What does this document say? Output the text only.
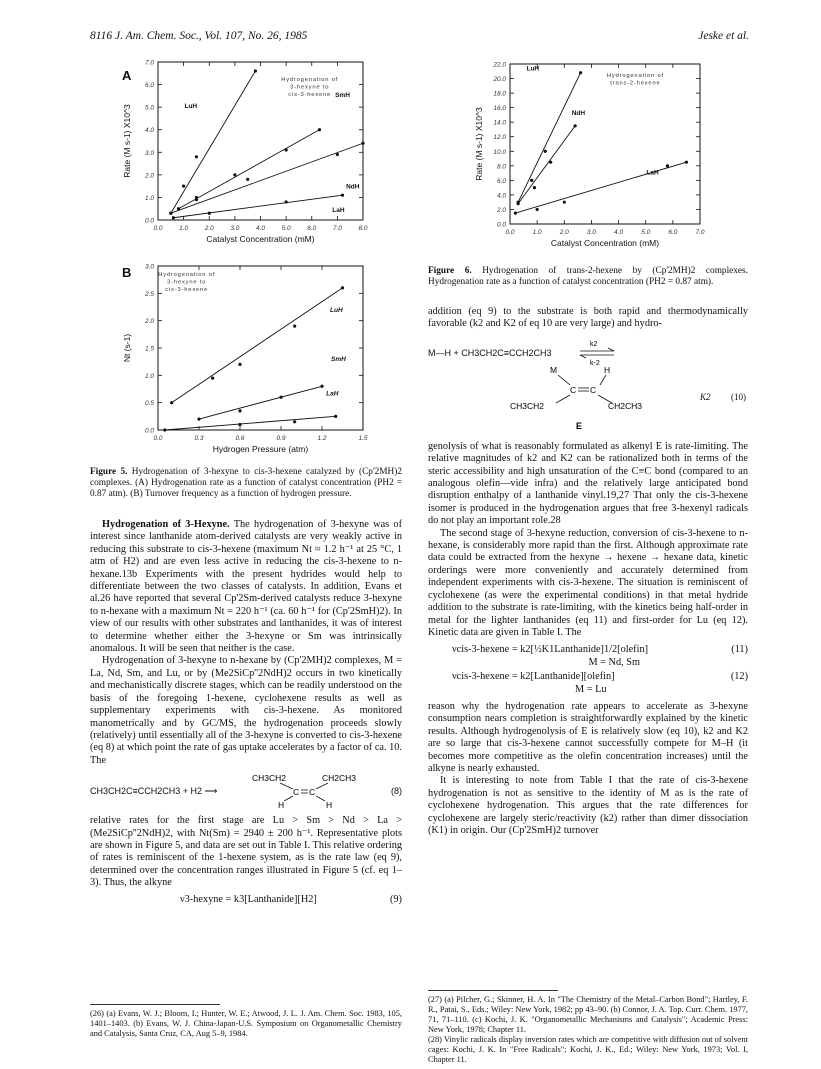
8116 J. Am. Chem. Soc., Vol. 107, No. 26, 1985	Jeske et al.
A
0.0	1.0	2.0	3.0	4.0	5.0	6.0	7.0	8.0
0.0
1.0
2.0
3.0
4.0
5.0
6.0
7.0
Catalyst Concentration (mM)
Rate (M s-1) X10^3
Hydrogenation of
3-hexyne to
cis-3-hexene
LuH
SmH
NdH
LaH
B
0.0	0.3	0.6	0.9	1.2	1.5
0.0
0.5
1.0
1.5
2.0
2.5
3.0
Hydrogen Pressure (atm)
Nt (s-1)
Hydrogenation of
3-hexyne to
cis-3-hexene
LuH
SmH
LaH
0.0	1.0	2.0	3.0	4.0	5.0	6.0	7.0
0.0
2.0
4.0
6.0
8.0
10.0
12.0
14.0
16.0
18.0
20.0
22.0
Catalyst Concentration (mM)
Rate (M s-1) X10^3
Hydrogenation of
trans-2-hexene
LuH
NdH
LaH
Figure 5. Hydrogenation of 3-hexyne to cis-3-hexene catalyzed by (Cp'2MH)2 complexes. (A) Hydrogenation rate as a function of catalyst concentration (PH2 = 0.87 atm). (B) Turnover frequency as a function of hydrogen pressure.

Hydrogenation of 3-Hexyne. The hydrogenation of 3-hexyne was of interest since lanthanide atom-derived catalysts are very weakly active in reducing this substrate to cis-3-hexene (maximum Nt ≈ 1.2 h⁻¹ at 25 °C, 1 atm of H2) and are even less active in reducing the cis-3-hexene to n-hexane.13b Experiments with the present hydrides would help to differentiate between the two classes of catalysts. In addition, Evans et al.26 have reported that several Cp'2Sm-derived catalysts reduce 3-hexyne to n-hexane with a maximum Nt = 220 h⁻¹ (ca. 60 h⁻¹ for (Cp'2SmH)2). In view of our results with other substrates and lanthanides, it was of interest to determine whether either the 3-hexyne or Sm was intrinsically anomalous. It will be seen that neither is the case.

Hydrogenation of 3-hexyne to n-hexane by (Cp'2MH)2 complexes, M = La, Nd, Sm, and Lu, or by (Me2SiCp''2NdH)2 occurs in two kinetically and mechanistically discrete stages, which can be readily understood on the basis of the foregoing 1-hexene, cyclohexene results as well as supplementary experiments with cis-3-hexene. As monitored manometrically and by GC/MS, the hydrogenation proceeds slowly (relatively) until essentially all of the 3-hexyne is converted to cis-3-hexene (eq 8) at which point the rate of gas uptake accelerates by a factor of ca. 10. The

CH3CH2C≡CCH2CH3 + H2 ⟶
CH3CH2	CH2CH3
C C
H	H
(8)

relative rates for the first stage are Lu > Sm > Nd > La > (Me2SiCp''2NdH)2, with Nt(Sm) = 2940 ± 200 h⁻¹. Representative plots are shown in Figure 5, and data are set out in Table I. This relative ordering of rates is reminiscent of the 1-hexene system, as is the rate law (eq 9), determined over the concentration ranges illustrated in Figure 5 (cf. eq 1–3). Thus, the alkyne

ν3-hexyne = k3[Lanthanide][H2]	(9)

(26) (a) Evans, W. J.; Bloom, I.; Hunter, W. E.; Atwood, J. L. J. Am. Chem. Soc. 1983, 105, 1401–1403. (b) Evans, W. J. China-Japan-U.S. Symposium on Organometallic Chemistry and Catalysis, Santa Cruz, CA, Aug 5–9, 1984.

Figure 6. Hydrogenation of trans-2-hexene by (Cp'2MH)2 complexes. Hydrogenation rate as a function of catalyst concentration (PH2 = 0.87 atm).

addition (eq 9) to the substrate is both rapid and thermodynamically favorable (k2 and K2 of eq 10 are very large) and hydro-

M—H + CH3CH2C≡CCH2CH3
k2
k-2
M	H
C C
CH3CH2	CH2CH3
E
K2 (10)

genolysis of what is reasonably formulated as alkenyl E is rate-limiting. The relative magnitudes of k2 and K2 can be rationalized both in terms of the steric accessibility and high unsaturation of the C≡C bond (compared to an analogous olefin—vide infra) and the relatively large anticipated bond disruption enthalpy of a lanthanide vinyl.19,27 That only the cis-3-hexene isomer is produced in the hydrogenation argues that free 3-hexenyl radicals do not play an important role.28

The second stage of 3-hexyne reduction, conversion of cis-3-hexene to n-hexane, is considerably more rapid than the first. Although approximate rate data could be extracted from the hexyne → hexene → hexane data, kinetic orderings were more conveniently and accurately determined from independent experiments with cis-3-hexene. The situation is reminiscent of cyclohexene (as were the experimental conditions) in that metal hydride addition to the substrate is rate-limiting, with the kinetics being half-order in metal for the lighter lanthanides (eq 11) and first-order for Lu (eq 12). Kinetic data are given in Table I. The

νcis-3-hexene = k2[½K1Lanthanide]1/2[olefin]
M = Nd, Sm
(11)
νcis-3-hexene = k2[Lanthanide][olefin]
M = Lu
(12)

reason why the hydrogenation rate appears to accelerate as 3-hexyne consumption nears completion is straightforwardly explained by the kinetic results. Although hydrogenolysis of E is relatively slow (eq 10), k2 and K2 are so large that cis-3-hexene cannot successfully compete for M–H (it becomes more competitive as the olefin concentration increases) until the alkyne is nearly exhausted.

It is interesting to note from Table I that the rate of cis-3-hexene hydrogenation is not as sensitive to the identity of M as is the rate of cyclohexene hydrogenation. This argues that the rate differences for cyclohexene are largely steric/reactivity (k2) rather than dimer dissociation (K1) in origin. Our (Cp'2SmH)2 turnover

(27) (a) Pilcher, G.; Skinner, H. A. In "The Chemistry of the Metal–Carbon Bond"; Hartley, F. R., Patai, S., Eds.; Wiley: New York, 1982; pp 43–90. (b) Connor, J. A. Top. Curr. Chem. 1977, 71, 71–110. (c) Kochi, J. K. "Organometallic Mechanisms and Catalysis"; Academic Press: New York, 1978; Chapter 11.

(28) Vinylic radicals display inversion rates which are competitive with diffusion out of solvent cages: Kochi, J. K. In "Free Radicals"; Kochi, J. K., Ed.; Wiley: New York, 1973; Vol. I, Chapter 11.
